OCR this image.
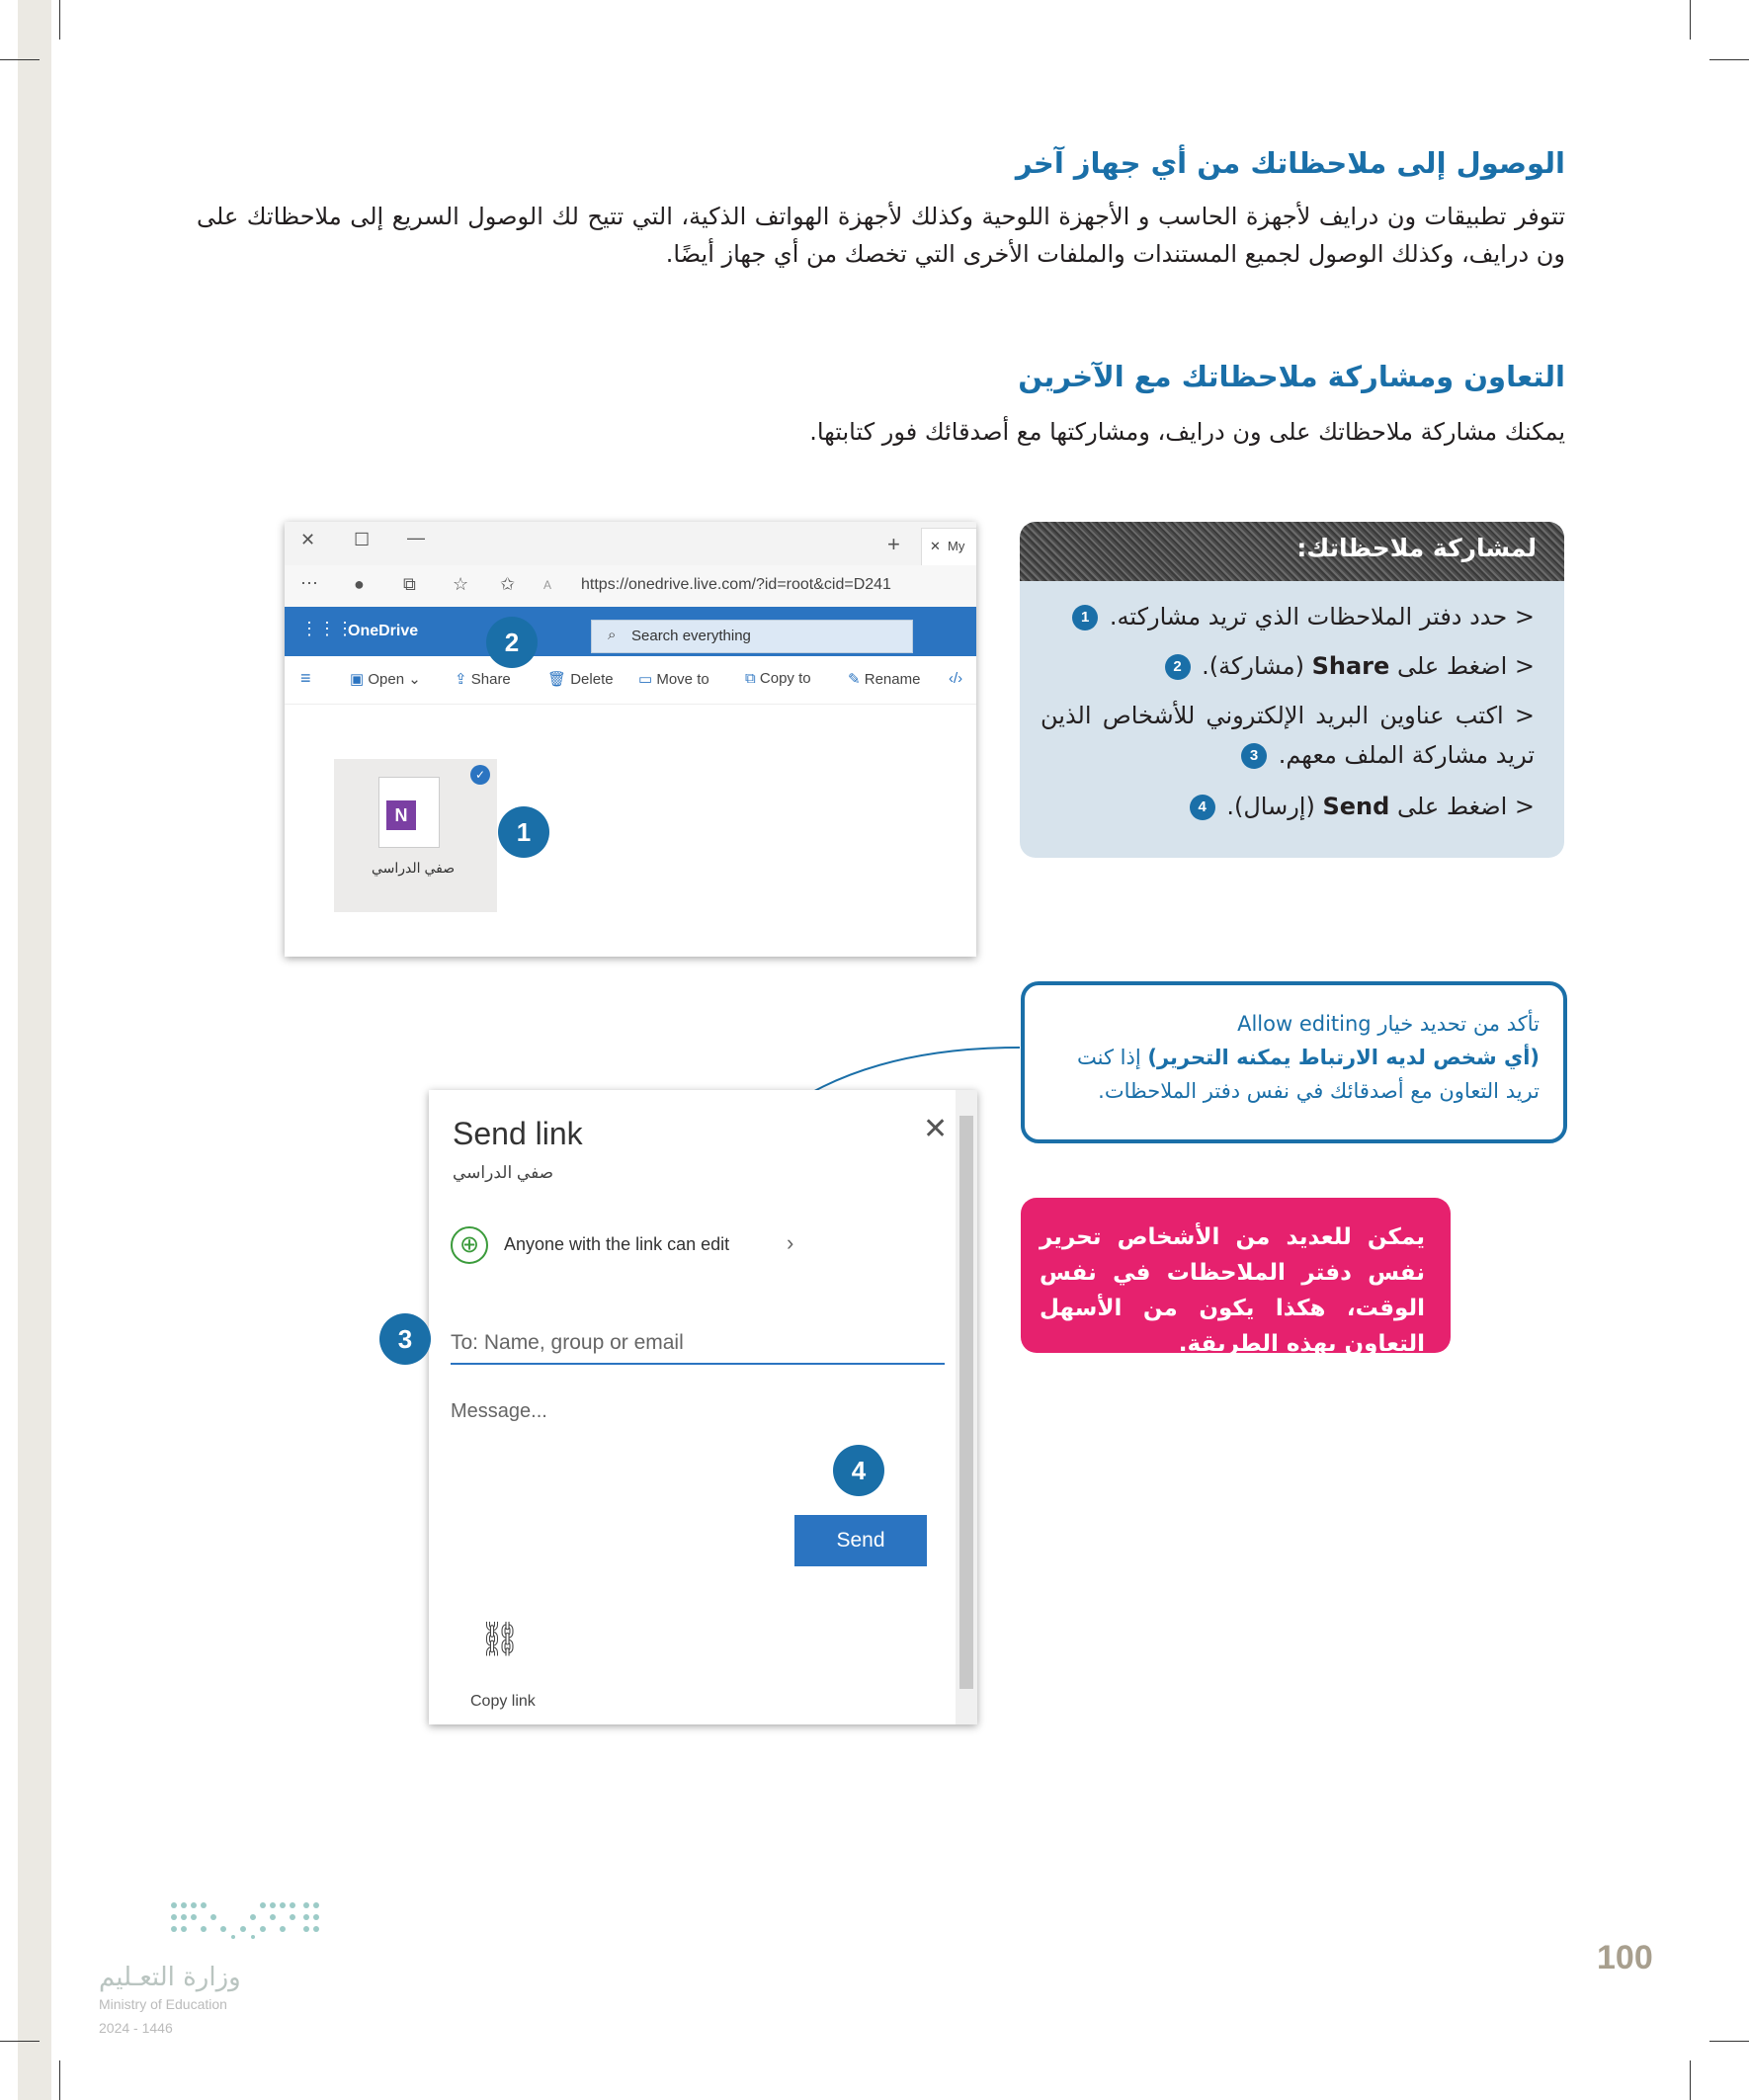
الوصول إلى ملاحظاتك من أي جهاز آخر

تتوفر تطبيقات ون درايف لأجهزة الحاسب و الأجهزة اللوحية وكذلك لأجهزة الهواتف الذكية، التي تتيح لك الوصول السريع إلى ملاحظاتك على ون درايف، وكذلك الوصول لجميع المستندات والملفات الأخرى التي تخصك من أي جهاز أيضًا.

التعاون ومشاركة ملاحظاتك مع الآخرين

يمكنك مشاركة ملاحظاتك على ون درايف، ومشاركتها مع أصدقائك فور كتابتها.

✕ ☐ —	+ ✕ My
⋯ ● ⧉ ☆ ✩ A https://onedrive.live.com/?id=root&cid=D241
⋮⋮⋮
OneDrive	⌕ Search everything
≡	▣ Open ⌄ ⇪ Share 🗑 Delete ▭ Move to ⧉ Copy to ✎ Rename ‹/›
N
✓
صفي الدراسي
2
1
لمشاركة ملاحظاتك:
< حدد دفتر الملاحظات الذي تريد مشاركته. 1
< اضغط على Share (مشاركة). 2
< اكتب عناوين البريد الإلكتروني للأشخاص الذين تريد مشاركة الملف معهم. 3
< اضغط على Send (إرسال). 4
تأكد من تحديد خيار Allow editing
(أي شخص لديه الارتباط يمكنه التحرير) إذا كنت
تريد التعاون مع أصدقائك في نفس دفتر الملاحظات.
يمكن للعديد من الأشخاص تحرير نفس دفتر الملاحظات في نفس الوقت، هكذا يكون من الأسهل التعاون بهذه الطريقة.
Send link	✕
صفي الدراسي
⊕	Anyone with the link can edit	›
To: Name, group or email
Message...
Send
⛓
Copy link
3
4
100
وزارة التعـليم
Ministry of Education
2024 - 1446
